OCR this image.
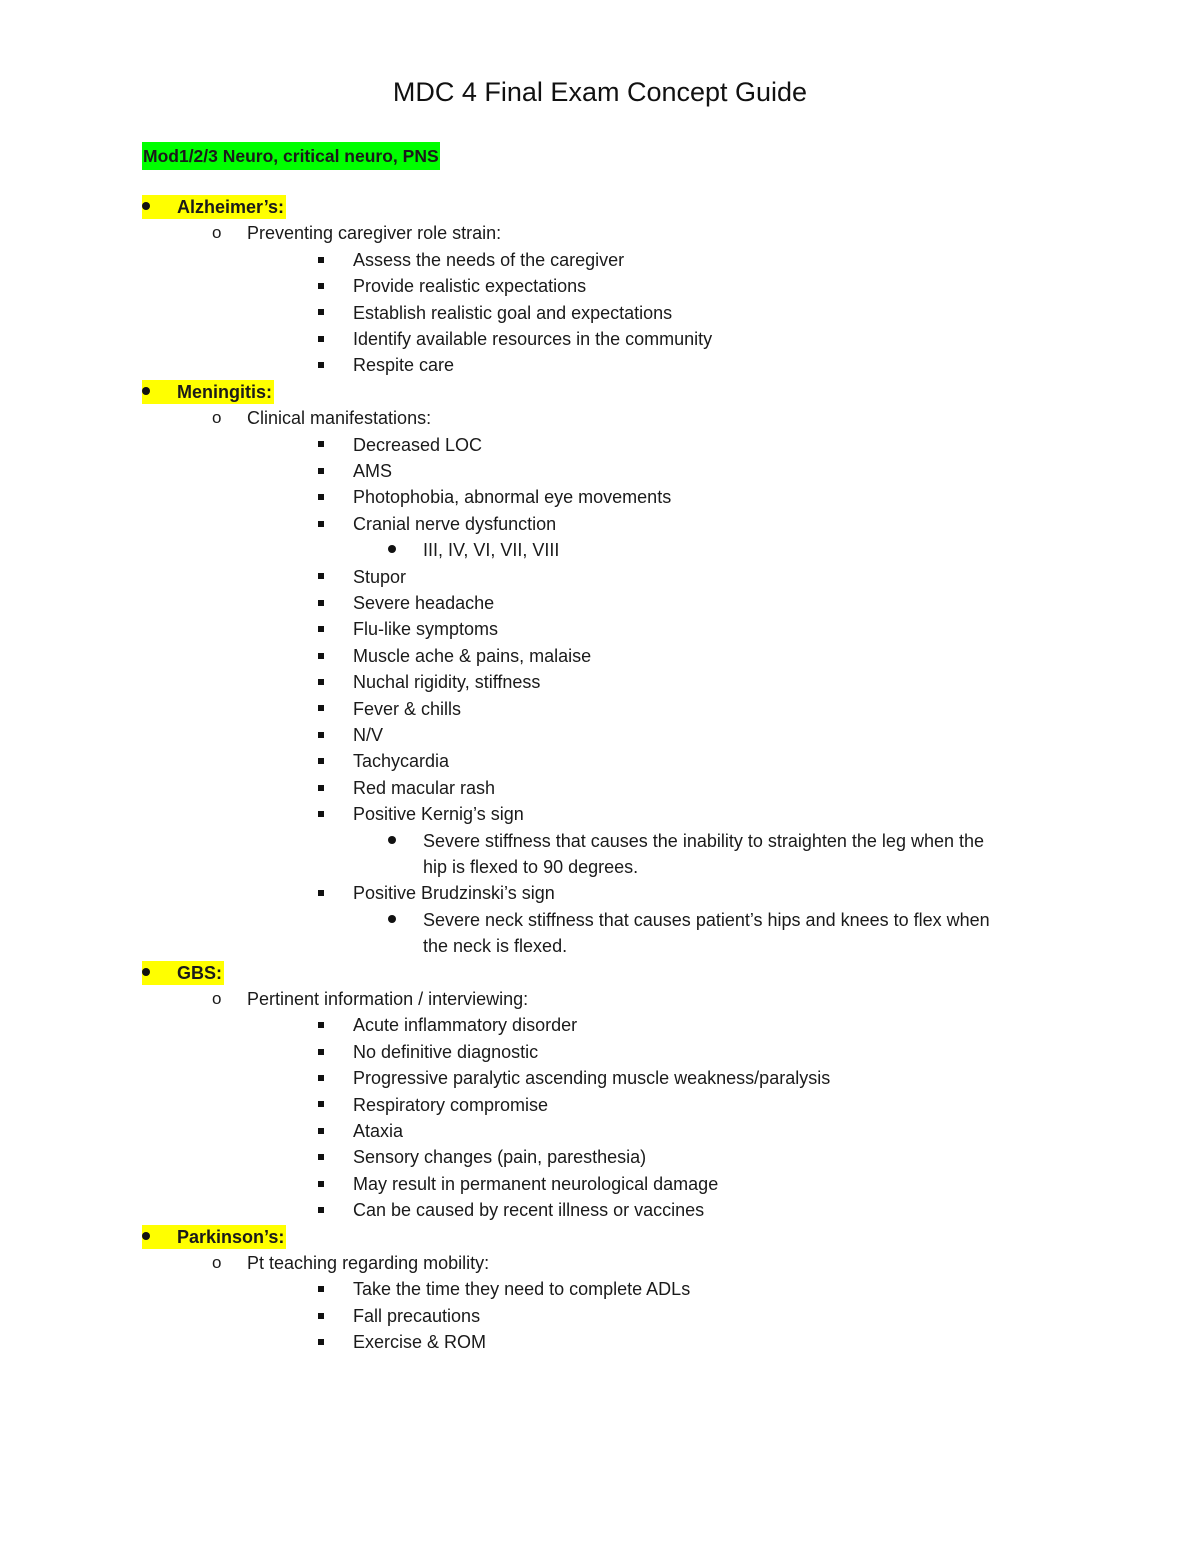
MDC 4 Final Exam Concept Guide
Mod1/2/3 Neuro, critical neuro, PNS
Alzheimer’s:
o Preventing caregiver role strain:
Assess the needs of the caregiver
Provide realistic expectations
Establish realistic goal and expectations
Identify available resources in the community
Respite care
Meningitis:
o Clinical manifestations:
Decreased LOC
AMS
Photophobia, abnormal eye movements
Cranial nerve dysfunction
III, IV, VI, VII, VIII
Stupor
Severe headache
Flu-like symptoms
Muscle ache & pains, malaise
Nuchal rigidity, stiffness
Fever & chills
N/V
Tachycardia
Red macular rash
Positive Kernig’s sign
Severe stiffness that causes the inability to straighten the leg when the
hip is flexed to 90 degrees.
Positive Brudzinski’s sign
Severe neck stiffness that causes patient’s hips and knees to flex when
the neck is flexed.
GBS:
o Pertinent information / interviewing:
Acute inflammatory disorder
No definitive diagnostic
Progressive paralytic ascending muscle weakness/paralysis
Respiratory compromise
Ataxia
Sensory changes (pain, paresthesia)
May result in permanent neurological damage
Can be caused by recent illness or vaccines
Parkinson’s:
o Pt teaching regarding mobility:
Take the time they need to complete ADLs
Fall precautions
Exercise & ROM
